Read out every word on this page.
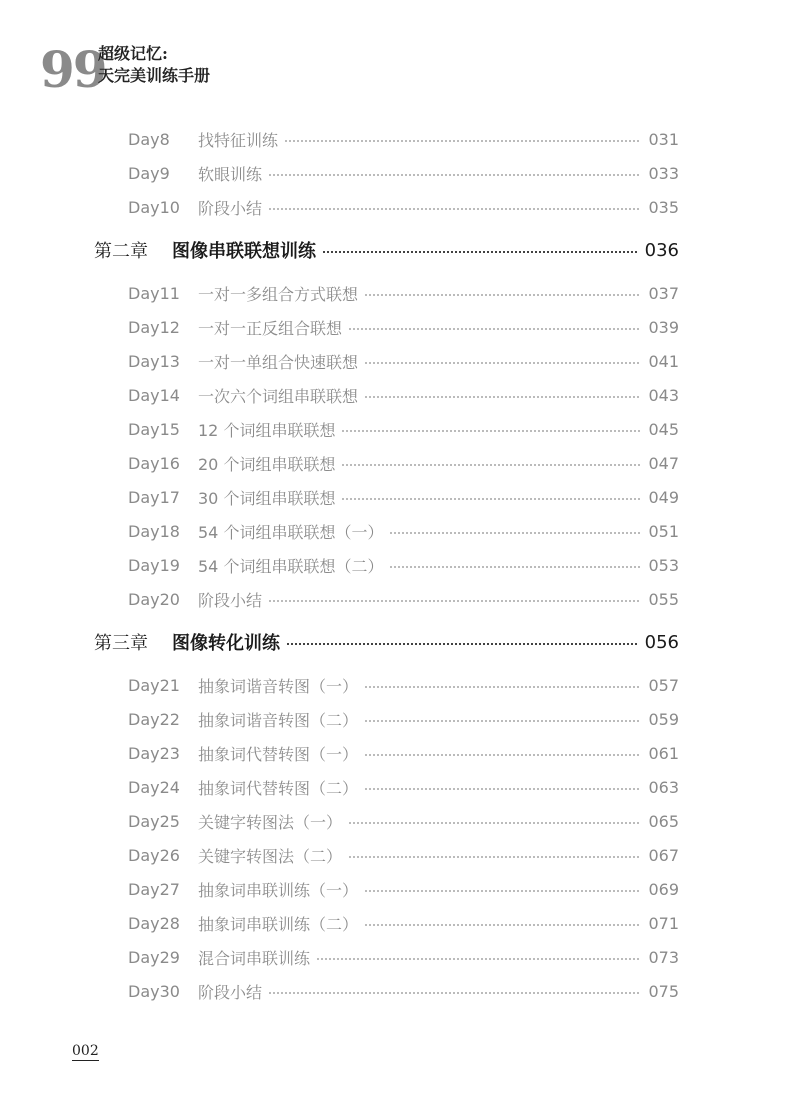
99
超级记忆:
天完美训练手册
Day8	找特征训练	031
Day9	软眼训练	033
Day10	阶段小结	035
第二章	图像串联联想训练	036
Day11	一对一多组合方式联想	037
Day12	一对一正反组合联想	039
Day13	一对一单组合快速联想	041
Day14	一次六个词组串联联想	043
Day15	12 个词组串联联想	045
Day16	20 个词组串联联想	047
Day17	30 个词组串联联想	049
Day18	54 个词组串联联想（一）	051
Day19	54 个词组串联联想（二）	053
Day20	阶段小结	055
第三章	图像转化训练	056
Day21	抽象词谐音转图（一）	057
Day22	抽象词谐音转图（二）	059
Day23	抽象词代替转图（一）	061
Day24	抽象词代替转图（二）	063
Day25	关键字转图法（一）	065
Day26	关键字转图法（二）	067
Day27	抽象词串联训练（一）	069
Day28	抽象词串联训练（二）	071
Day29	混合词串联训练	073
Day30	阶段小结	075
002
